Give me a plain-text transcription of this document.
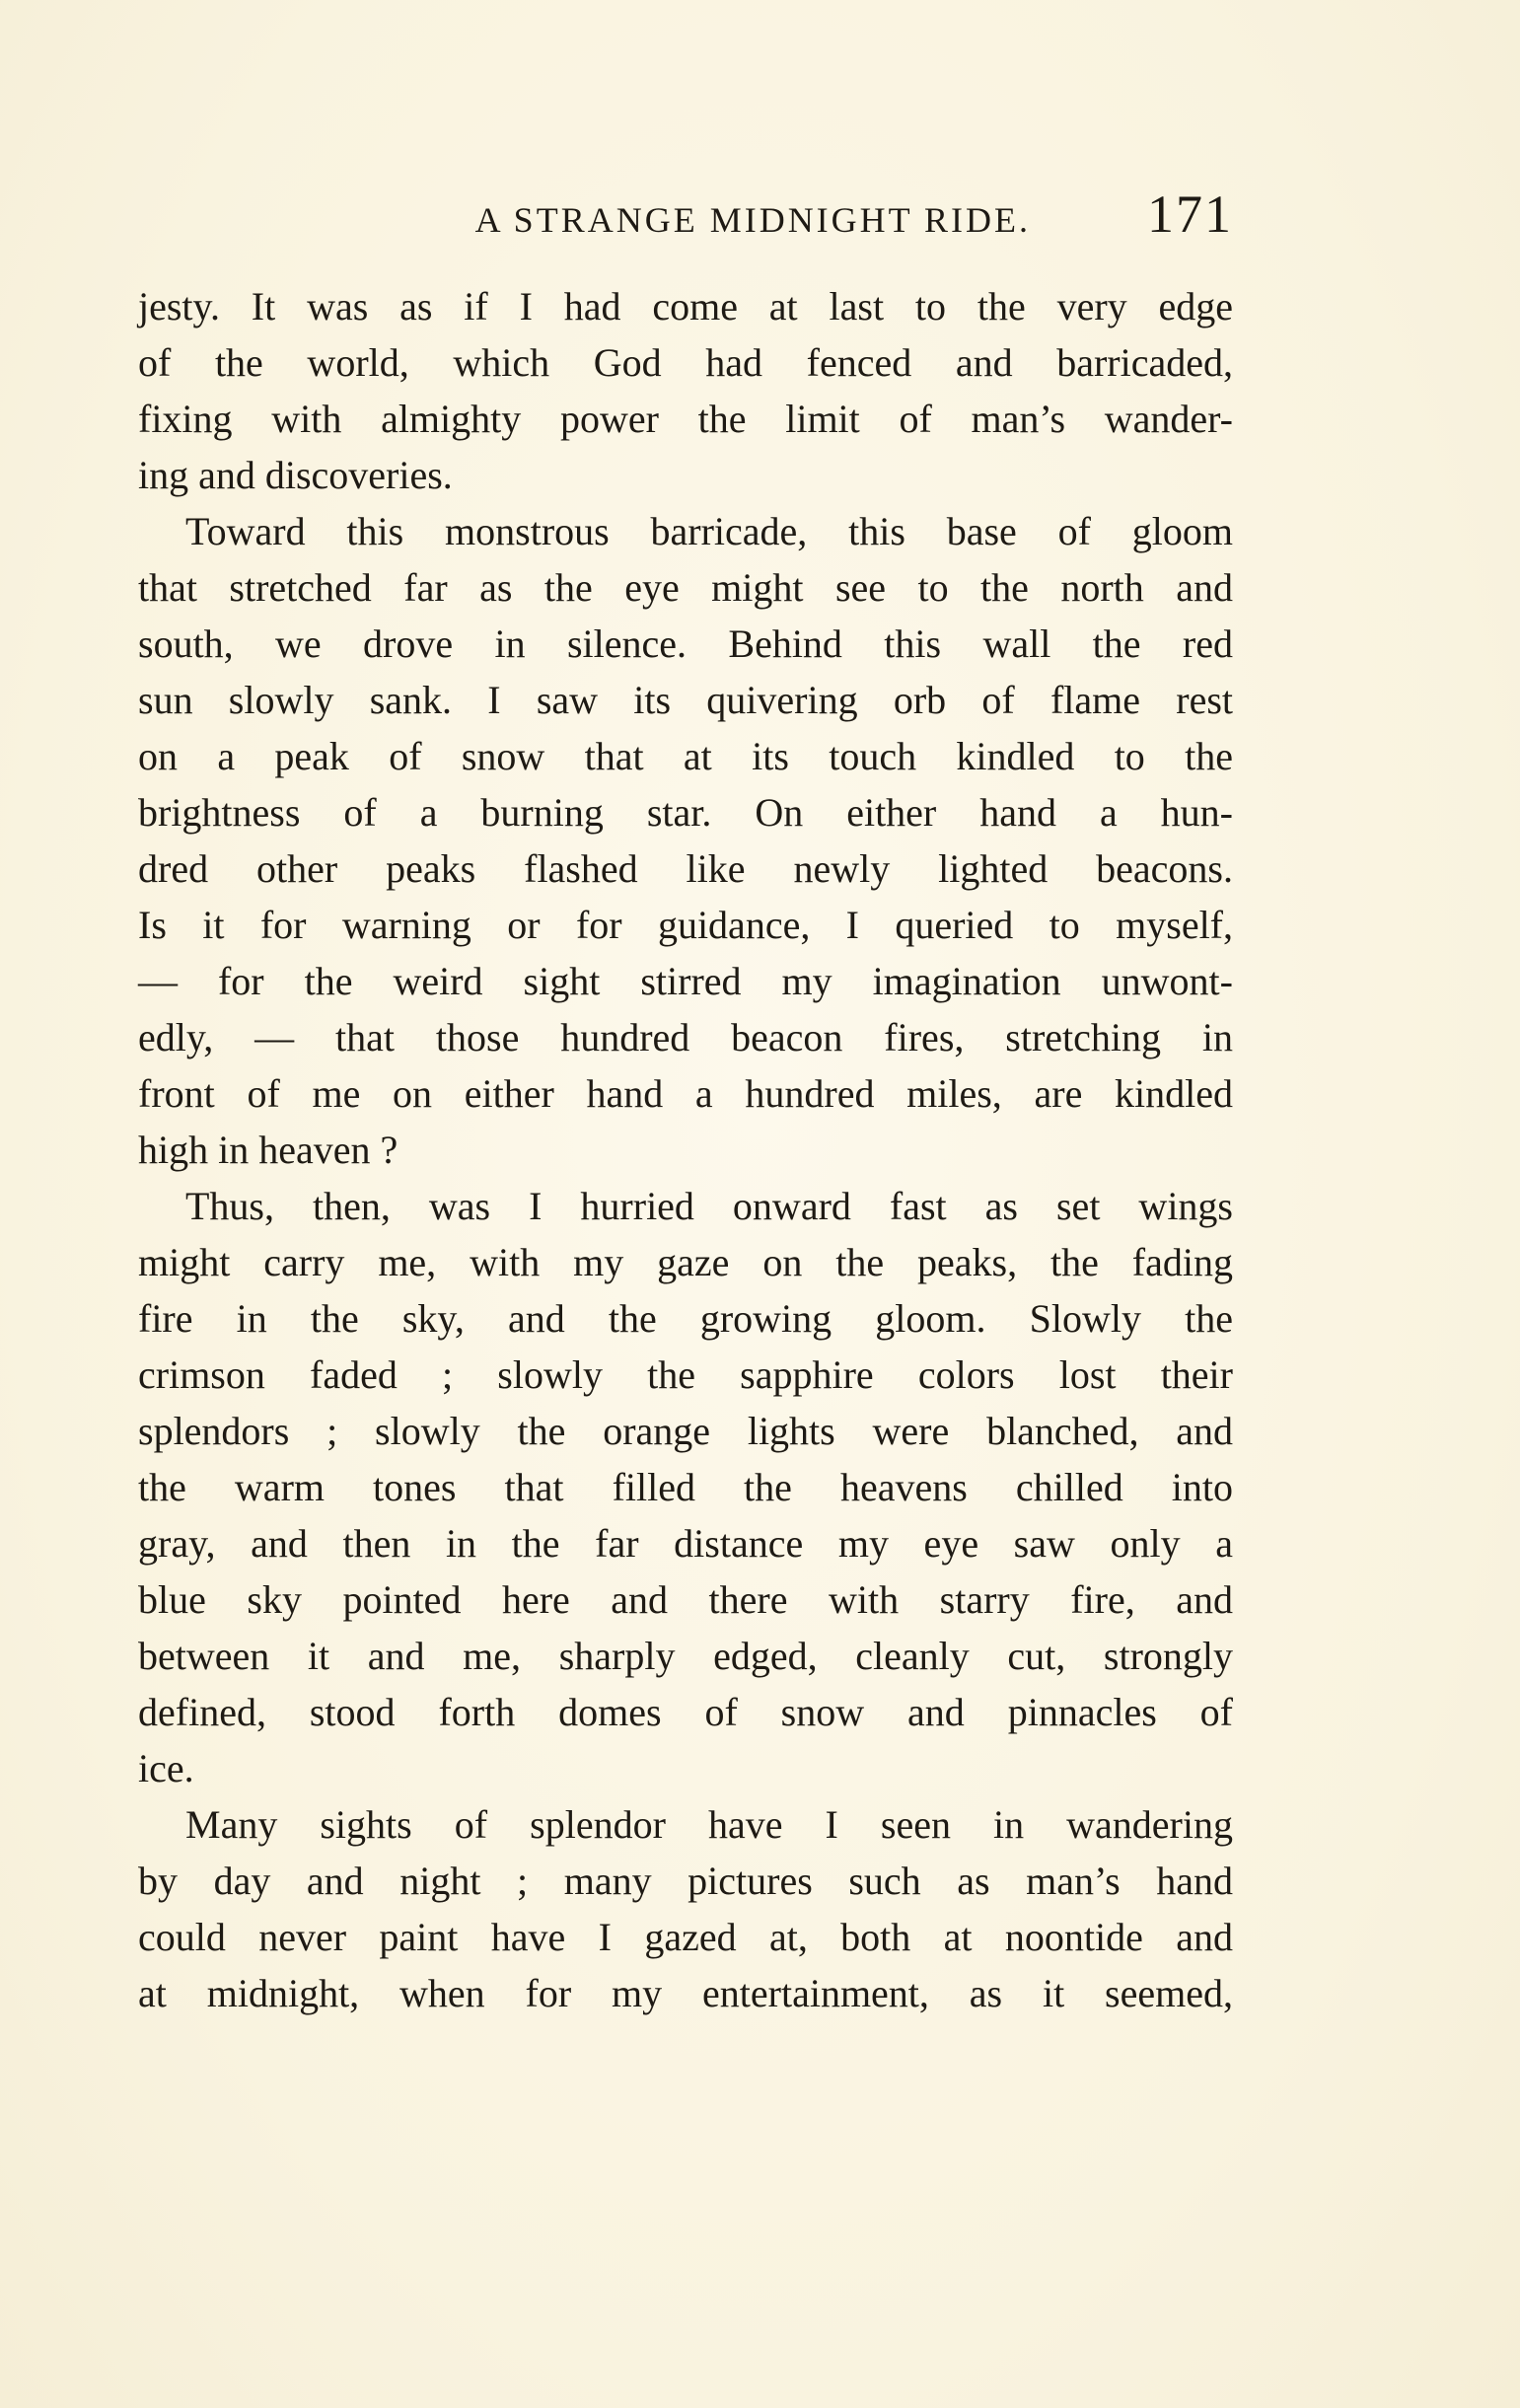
A STRANGE MIDNIGHT RIDE. 171
jesty. It was as if I had come at last to the very edge
of the world, which God had fenced and barricaded,
fixing with almighty power the limit of man’s wander-
ing and discoveries.
Toward this monstrous barricade, this base of gloom
that stretched far as the eye might see to the north and
south, we drove in silence. Behind this wall the red
sun slowly sank. I saw its quivering orb of flame rest
on a peak of snow that at its touch kindled to the
brightness of a burning star. On either hand a hun-
dred other peaks flashed like newly lighted beacons.
Is it for warning or for guidance, I queried to myself,
— for the weird sight stirred my imagination unwont-
edly, — that those hundred beacon fires, stretching in
front of me on either hand a hundred miles, are kindled
high in heaven ?
Thus, then, was I hurried onward fast as set wings
might carry me, with my gaze on the peaks, the fading
fire in the sky, and the growing gloom. Slowly the
crimson faded ; slowly the sapphire colors lost their
splendors ; slowly the orange lights were blanched, and
the warm tones that filled the heavens chilled into
gray, and then in the far distance my eye saw only a
blue sky pointed here and there with starry fire, and
between it and me, sharply edged, cleanly cut, strongly
defined, stood forth domes of snow and pinnacles of
ice.
Many sights of splendor have I seen in wandering
by day and night ; many pictures such as man’s hand
could never paint have I gazed at, both at noontide and
at midnight, when for my entertainment, as it seemed,
